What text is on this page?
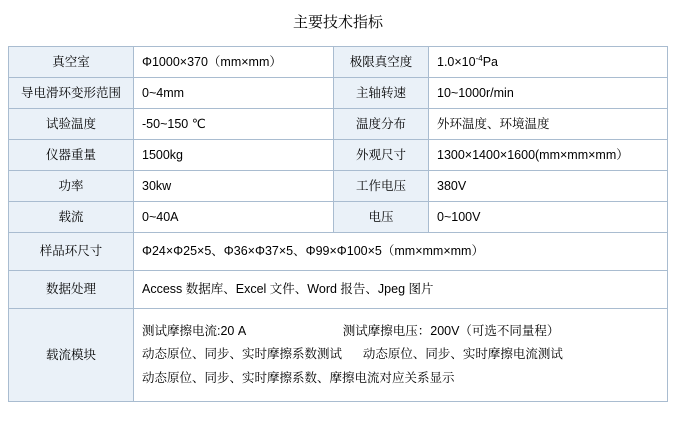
主要技术指标			
真空室	Φ1000×370（mm×mm）	极限真空度	$1.0\times 10^{-4}Pa$
导电滑环变形范围	0~4mm	主轴转速	10~1000r/min
试验温度	-50~150 ℃	温度分布	外环温度、环境温度
仪器重量	1500kg	外观尺寸	1300×1400×1600(mm×mm×mm）
功率	30kw	工作电压	380V
载流	0~40A	电压	0~100V
样品环尺寸	Φ24×Φ25×5、Φ36×Φ37×5、Φ99×Φ100×5（mm×mm×mm）		
数据处理	Access 数据库、Excel 文件、Word 报告、Jpeg 图片		
载流模块	测试摩擦电流:20 A                            测试摩擦电压：200V（可选不同量程）
动态原位、同步、实时摩擦系数测试      动态原位、同步、实时摩擦电流测试
动态原位、同步、实时摩擦系数、摩擦电流对应关系显示		
